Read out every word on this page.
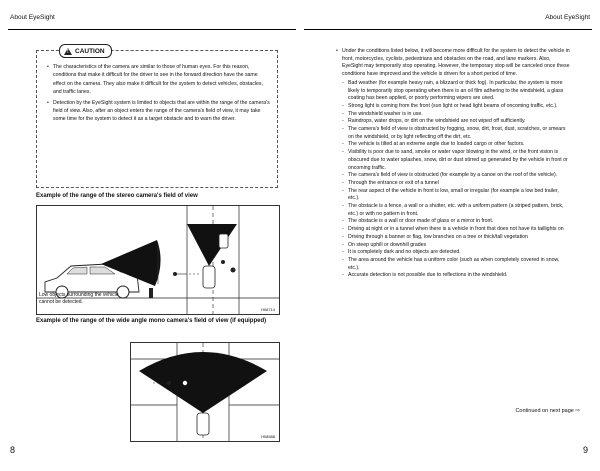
About EyeSight	About EyeSight
!
CAUTION
• The characteristics of the camera are similar to those of human eyes. For this reason, conditions that make it difficult for the driver to see in the forward direction have the same effect on the camera. They also make it difficult for the system to detect vehicles, obstacles, and traffic lanes.
• Detection by the EyeSight system is limited to objects that are within the range of the camera's field of view. Also, after an object enters the range of the camera's field of view, it may take some time for the system to detect it as a target obstacle and to warn the driver.
Example of the range of the stereo camera's field of view
Low objects surrounding the vehicle cannot be detected.
H08714
Example of the range of the wide angle mono camera's field of view (if equipped)
H08588

• Under the conditions listed below, it will become more difficult for the system to detect the vehicle in front, motorcycles, cyclists, pedestrians and obstacles on the road, and lane markers. Also, EyeSight may temporarily stop operating. However, the temporary stop will be canceled once these conditions have improved and the vehicle is driven for a short period of time.

- Bad weather (for example heavy rain, a blizzard or thick fog). In particular, the system is more likely to temporarily stop operating when there is an oil film adhering to the windshield, a glass coating has been applied, or poorly performing wipers are used.
- Strong light is coming from the front (sun light or head light beams of oncoming traffic, etc.).
- The windshield washer is in use.
- Raindrops, water drops, or dirt on the windshield are not wiped off sufficiently.
- The camera's field of view is obstructed by fogging, snow, dirt, frost, dust, scratches, or smears on the windshield, or by light reflecting off the dirt, etc.
- The vehicle is tilted at an extreme angle due to loaded cargo or other factors.
- Visibility is poor due to sand, smoke or water vapor blowing in the wind, or the front vision is obscured due to water splashes, snow, dirt or dust stirred up generated by the vehicle in front or oncoming traffic.
- The camera's field of view is obstructed (for example by a canoe on the roof of the vehicle).
- Through the entrance or exit of a tunnel
- The rear aspect of the vehicle in front is low, small or irregular (for example a low bed trailer, etc.).
- The obstacle is a fence, a wall or a shutter, etc. with a uniform pattern (a striped pattern, brick, etc.) or with no pattern in front.
- The obstacle is a wall or door made of glass or a mirror in front.
- Driving at night or in a tunnel when there is a vehicle in front that does not have its taillights on
- Driving through a banner or flag, low branches on a tree or thick/tall vegetation
- On steep uphill or downhill grades
- It is completely dark and no objects are detected.
- The area around the vehicle has a uniform color (such as when completely covered in snow, etc.).
- Accurate detection is not possible due to reflections in the windshield.
Continued on next page ⇨
8	9
